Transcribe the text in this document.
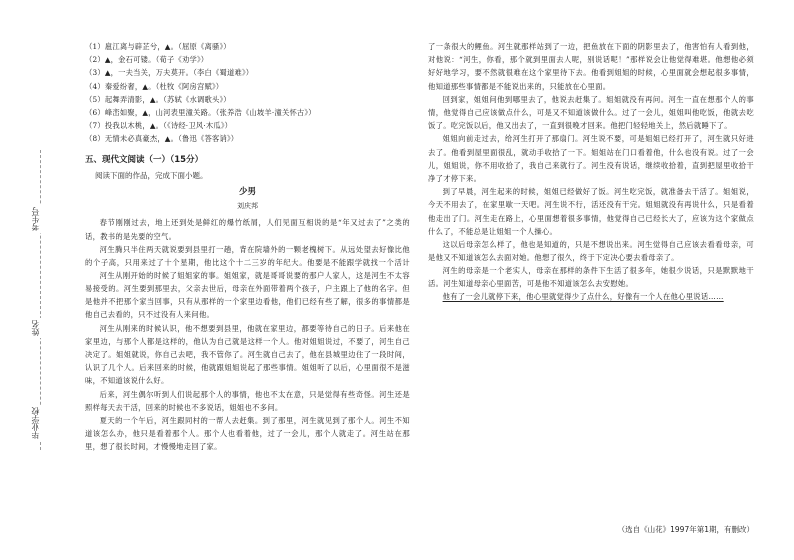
考生号
姓名
毕业学校

（1）扈江离与辟芷兮，▲。（屈原《离骚》）

（2）▲，金石可镂。（荀子《劝学》）

（3）▲，一夫当关，万夫莫开。（李白《蜀道难》）

（4）秦爱纷奢，▲。（杜牧《阿房宫赋》）

（5）起舞弄清影，▲。（苏轼《水调歌头》）

（6）峰峦如聚，▲，山河表里潼关路。（张养浩《山坡羊·潼关怀古》）

（7）投我以木桃，▲。（《诗经·卫风·木瓜》）

（8）无情未必真豪杰，▲。（鲁迅《答客诮》）

五、现代文阅读（一）（15分）
阅读下面的作品，完成下面小题。
少男
刘庆邦

春节刚刚过去，地上还到处是鲜红的爆竹纸屑，人们见面互相说的是“年又过去了”之类的话，教书的是先要的空气。

河生腾只半住两天就说要到县里打一趟，背在院墙外的一颗老槐树下。从远处望去好像比他的个子高，只用来过了十个星期，他比这个十二三岁的年纪大。他要是不能跟学就找一个活计

河生从刚开始的时候了姐姐家的事。姐姐家，就是哥哥说要的那户人家人，这是河生不太容易接受的。河生要到那里去，父亲去世后，母亲在外面带着两个孩子，户主跟上了他的名字。但是他并不把那个家当回事，只有从那样的一个家里边看他，他们已经有些了解，很多的事情都是他自己去看的，只不过没有人来问他。

河生从刚来的时候认识，他不想要到县里，他就在家里边，都要等待自己的日子。后来他在家里边，与那个人都是这样的，他认为自己就是这样一个人。他对姐姐说过，不要了，河生自己决定了。姐姐就说，你自己去吧，我不管你了。河生就自己去了，他在县城里边住了一段时间，认识了几个人。后来回来的时候，他就跟姐姐说起了那些事情。姐姐听了以后，心里面很不是滋味，不知道该说什么好。

后来，河生偶尔听到人们说起那个人的事情，他也不太在意，只是觉得有些奇怪。河生还是照样每天去干活，回来的时候也不多说话，姐姐也不多问。

夏天的一个午后，河生跟同村的一帮人去赶集。到了那里，河生就见到了那个人。河生不知道该怎么办，他只是看着那个人。那个人也看着他，过了一会儿，那个人就走了。河生站在那里，想了很长时间，才慢慢地走回了家。

了一条很大的鲤鱼。河生就那样站到了一边，把鱼放在下面的阴影里去了，他害怕有人看到他，对他说：“河生，你看，那个就到里面去人呢，别说话呢！”那样说会让他觉得难堪。他想他必须好好地学习，要不然就很难在这个家里待下去。他看到姐姐的时候，心里面就会想起很多事情，他知道那些事情都是不能说出来的，只能放在心里面。

回到家，姐姐问他到哪里去了，他说去赶集了。姐姐就没有再问。河生一直在想那个人的事情，他觉得自己应该做点什么，可是又不知道该做什么。过了一会儿，姐姐叫他吃饭，他就去吃饭了。吃完饭以后，他又出去了，一直到很晚才回来。他把门轻轻地关上，然后就睡下了。

姐姐向前走过去，给河生打开了那扇门。河生说不要，可是姐姐已经打开了，河生就只好进去了。他看到屋里面很乱，就动手收拾了一下。姐姐站在门口看着他，什么也没有说。过了一会儿，姐姐说，你不用收拾了，我自己来就行了。河生没有说话，继续收拾着，直到把屋里收拾干净了才停下来。

到了早晨，河生起来的时候，姐姐已经做好了饭。河生吃完饭，就准备去干活了。姐姐说，今天不用去了，在家里歇一天吧。河生说不行，活还没有干完。姐姐就没有再说什么，只是看着他走出了门。河生走在路上，心里面想着很多事情，他觉得自己已经长大了，应该为这个家做点什么了，不能总是让姐姐一个人操心。

这以后母亲怎么样了，他也是知道的，只是不想说出来。河生觉得自己应该去看看母亲，可是他又不知道该怎么去面对她。他想了很久，终于下定决心要去看母亲了。

河生的母亲是一个老实人，母亲在那样的条件下生活了很多年，她很少说话，只是默默地干活。河生知道母亲心里面苦，可是他不知道该怎么去安慰她。

他有了一会儿就停下来，他心里就觉得少了点什么，好像有一个人在他心里说话……

（选自《山花》1997年第1期，有删改）
